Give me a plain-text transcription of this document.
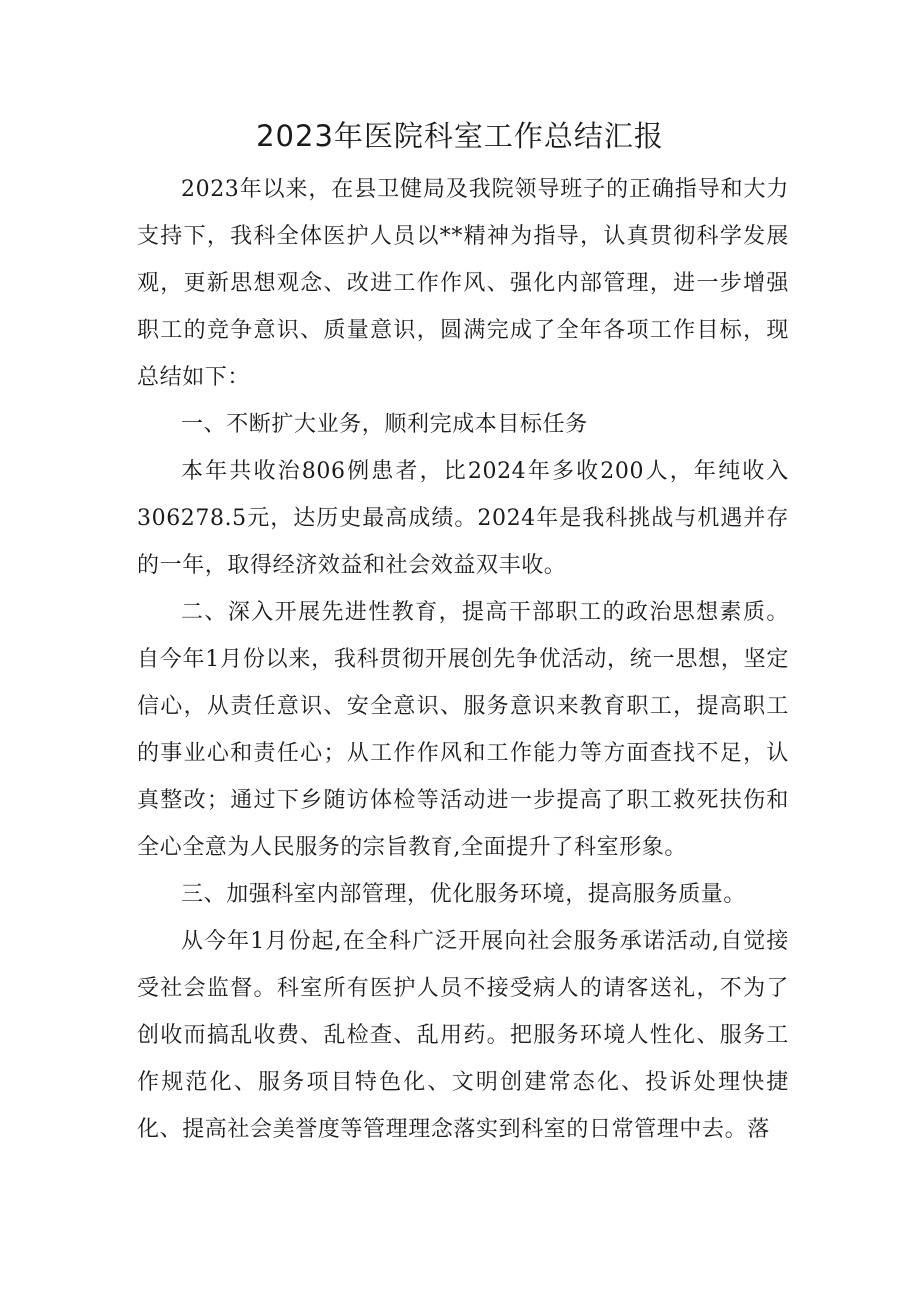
2023年医院科室工作总结汇报

2023年以来，在县卫健局及我院领导班子的正确指导和大力支持下，我科全体医护人员以**精神为指导，认真贯彻科学发展观，更新思想观念、改进工作作风、强化内部管理，进一步增强职工的竞争意识、质量意识，圆满完成了全年各项工作目标，现总结如下：

一、不断扩大业务，顺利完成本目标任务

本年共收治806例患者，比2024年多收200人，年纯收入306278.5元，达历史最高成绩。2024年是我科挑战与机遇并存的一年，取得经济效益和社会效益双丰收。

二、深入开展先进性教育，提高干部职工的政治思想素质。自今年1月份以来，我科贯彻开展创先争优活动，统一思想，坚定信心，从责任意识、安全意识、服务意识来教育职工，提高职工的事业心和责任心；从工作作风和工作能力等方面查找不足，认真整改；通过下乡随访体检等活动进一步提高了职工救死扶伤和全心全意为人民服务的宗旨教育,全面提升了科室形象。

三、加强科室内部管理，优化服务环境，提高服务质量。

从今年1月份起,在全科广泛开展向社会服务承诺活动,自觉接受社会监督。科室所有医护人员不接受病人的请客送礼，不为了创收而搞乱收费、乱检查、乱用药。把服务环境人性化、服务工作规范化、服务项目特色化、文明创建常态化、投诉处理快捷化、提高社会美誉度等管理理念落实到科室的日常管理中去。落
